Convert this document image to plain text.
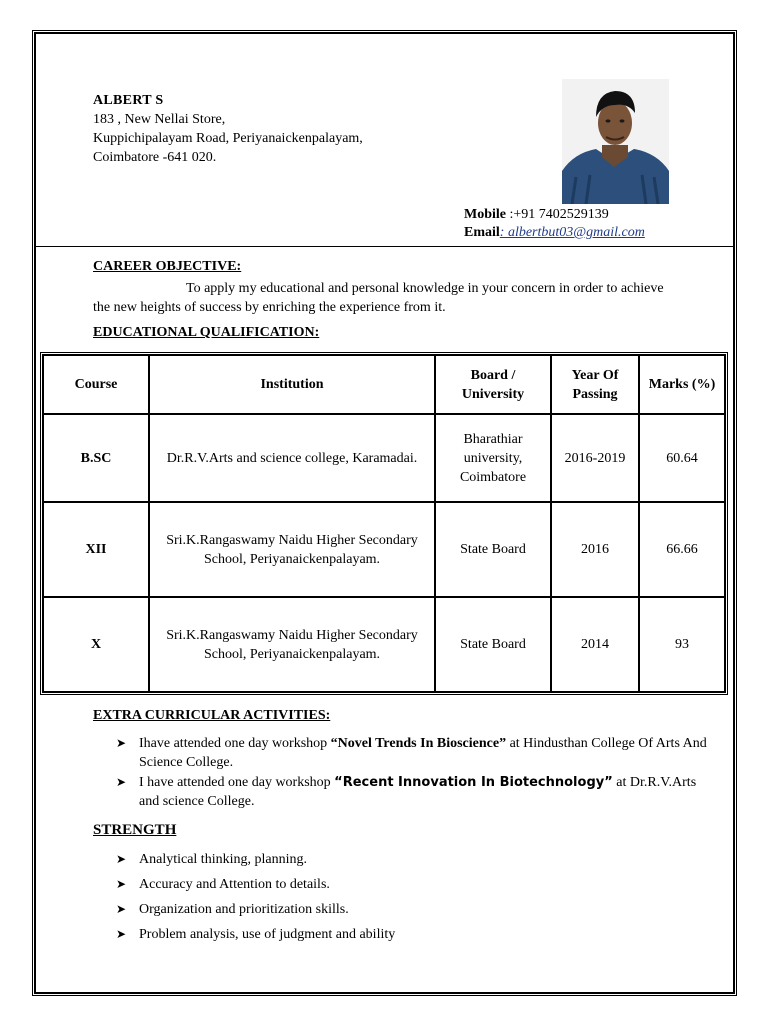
ALBERT S
183 , New Nellai Store,
Kuppichipalayam Road, Periyanaickenpalayam,
Coimbatore -641 020.
Mobile :+91 7402529139
Email: albertbut03@gmail.com
CAREER OBJECTIVE:
To apply my educational and personal knowledge in your concern in order to achieve the new heights of success by enriching the experience from it.
EDUCATIONAL QUALIFICATION:
Course	Institution	Board / University	Year Of Passing	Marks (%)
B.SC	Dr.R.V.Arts and science college, Karamadai.	Bharathiar university, Coimbatore	2016-2019	60.64
XII	Sri.K.Rangaswamy Naidu Higher Secondary School, Periyanaickenpalayam.	State Board	2016	66.66
X	Sri.K.Rangaswamy Naidu Higher Secondary School, Periyanaickenpalayam.	State Board	2014	93
EXTRA CURRICULAR ACTIVITIES:
➤ Ihave attended one day workshop “Novel Trends In Bioscience” at Hindusthan College Of Arts And Science College.
➤ I have attended one day workshop “Recent Innovation In Biotechnology” at Dr.R.V.Arts and science College.
STRENGTH
➤ Analytical thinking, planning.
➤ Accuracy and Attention to details.
➤ Organization and prioritization skills.
➤ Problem analysis, use of judgment and ability
